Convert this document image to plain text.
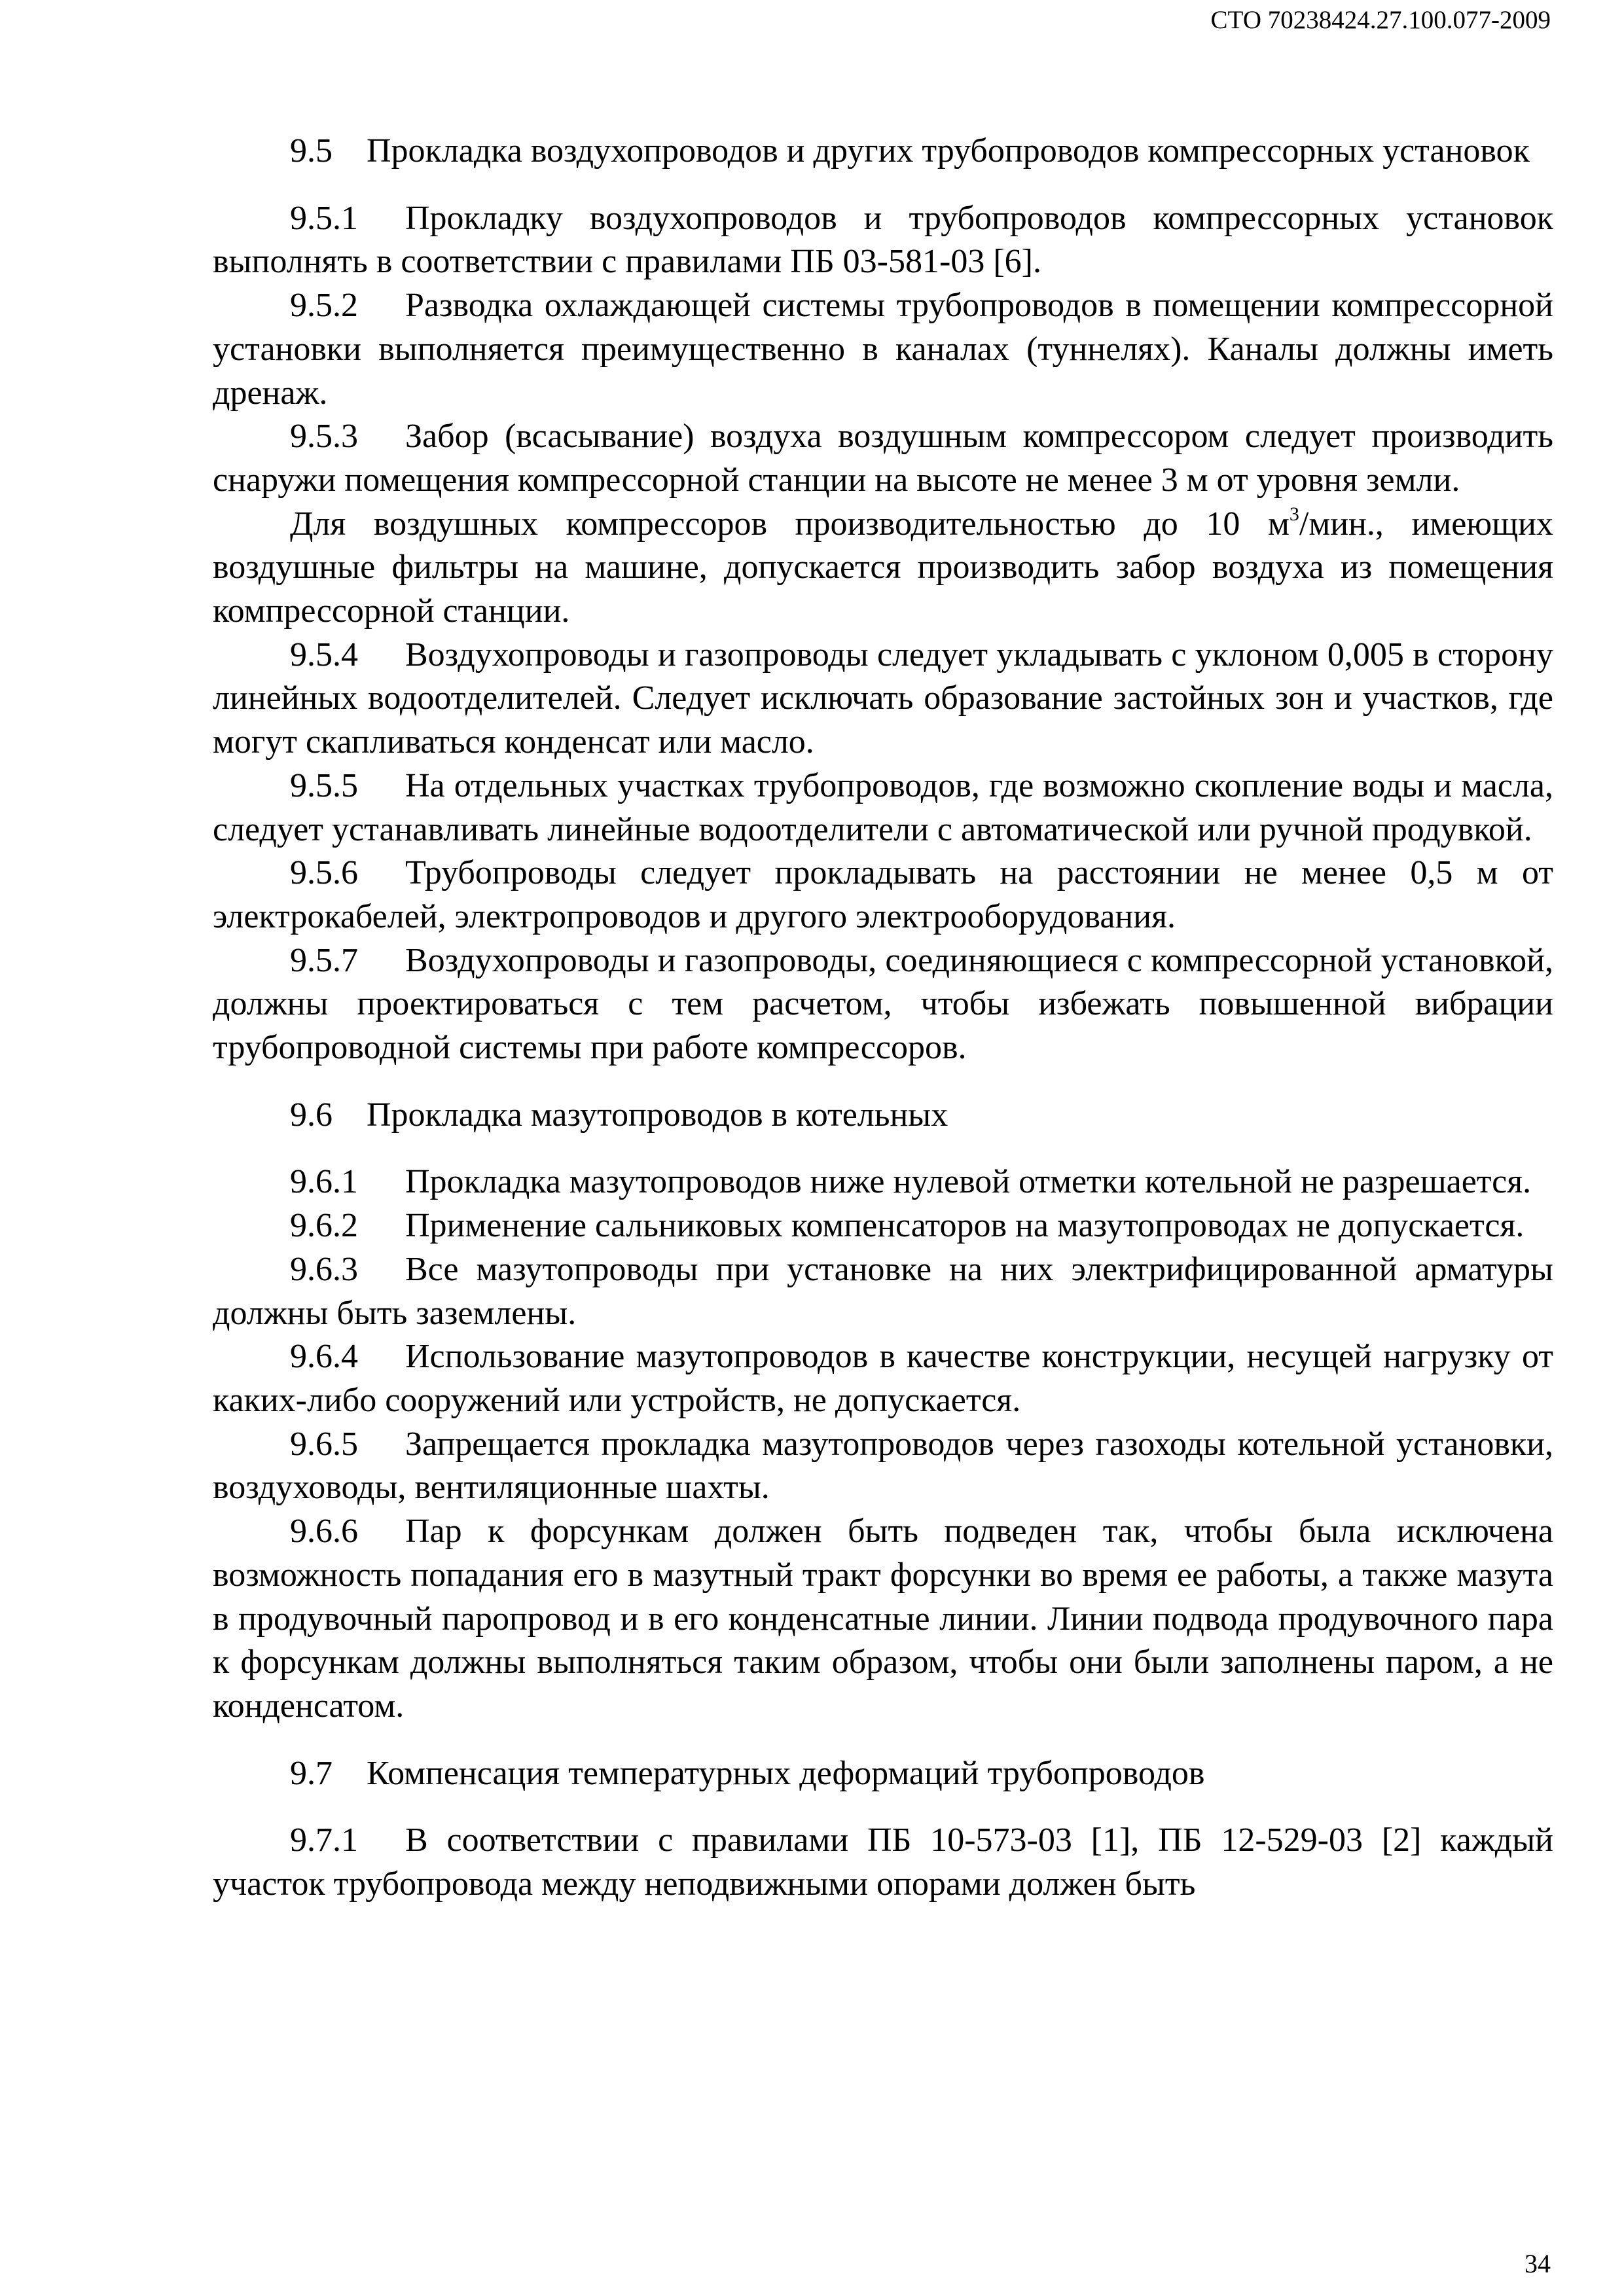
СТО 70238424.27.100.077-2009

9.5 Прокладка воздухопроводов и других трубопроводов компрессорных установок

9.5.1 Прокладку воздухопроводов и трубопроводов компрессорных установок выполнять в соответствии с правилами ПБ 03-581-03 [6].

9.5.2 Разводка охлаждающей системы трубопроводов в помещении компрессорной установки выполняется преимущественно в каналах (туннелях). Каналы должны иметь дренаж.

9.5.3 Забор (всасывание) воздуха воздушным компрессором следует производить снаружи помещения компрессорной станции на высоте не менее 3 м от уровня земли.

Для воздушных компрессоров производительностью до 10 $м^3$/мин., имеющих воздушные фильтры на машине, допускается производить забор воздуха из помещения компрессорной станции.

9.5.4 Воздухопроводы и газопроводы следует укладывать с уклоном 0,005 в сторону линейных водоотделителей. Следует исключать образование застойных зон и участков, где могут скапливаться конденсат или масло.

9.5.5 На отдельных участках трубопроводов, где возможно скопление воды и масла, следует устанавливать линейные водоотделители с автоматической или ручной продувкой.

9.5.6 Трубопроводы следует прокладывать на расстоянии не менее 0,5 м от электрокабелей, электропроводов и другого электрооборудования.

9.5.7 Воздухопроводы и газопроводы, соединяющиеся с компрессорной установкой, должны проектироваться с тем расчетом, чтобы избежать повышенной вибрации трубопроводной системы при работе компрессоров.

9.6 Прокладка мазутопроводов в котельных

9.6.1 Прокладка мазутопроводов ниже нулевой отметки котельной не разрешается.

9.6.2 Применение сальниковых компенсаторов на мазутопроводах не допускается.

9.6.3 Все мазутопроводы при установке на них электрифицированной арматуры должны быть заземлены.

9.6.4 Использование мазутопроводов в качестве конструкции, несущей нагрузку от каких-либо сооружений или устройств, не допускается.

9.6.5 Запрещается прокладка мазутопроводов через газоходы котельной установки, воздуховоды, вентиляционные шахты.

9.6.6 Пар к форсункам должен быть подведен так, чтобы была исключена возможность попадания его в мазутный тракт форсунки во время ее работы, а также мазута в продувочный паропровод и в его конденсатные линии. Линии подвода продувочного пара к форсункам должны выполняться таким образом, чтобы они были заполнены паром, а не конденсатом.

9.7 Компенсация температурных деформаций трубопроводов

9.7.1 В соответствии с правилами ПБ 10-573-03 [1], ПБ 12-529-03 [2] каждый участок трубопровода между неподвижными опорами должен быть

34
